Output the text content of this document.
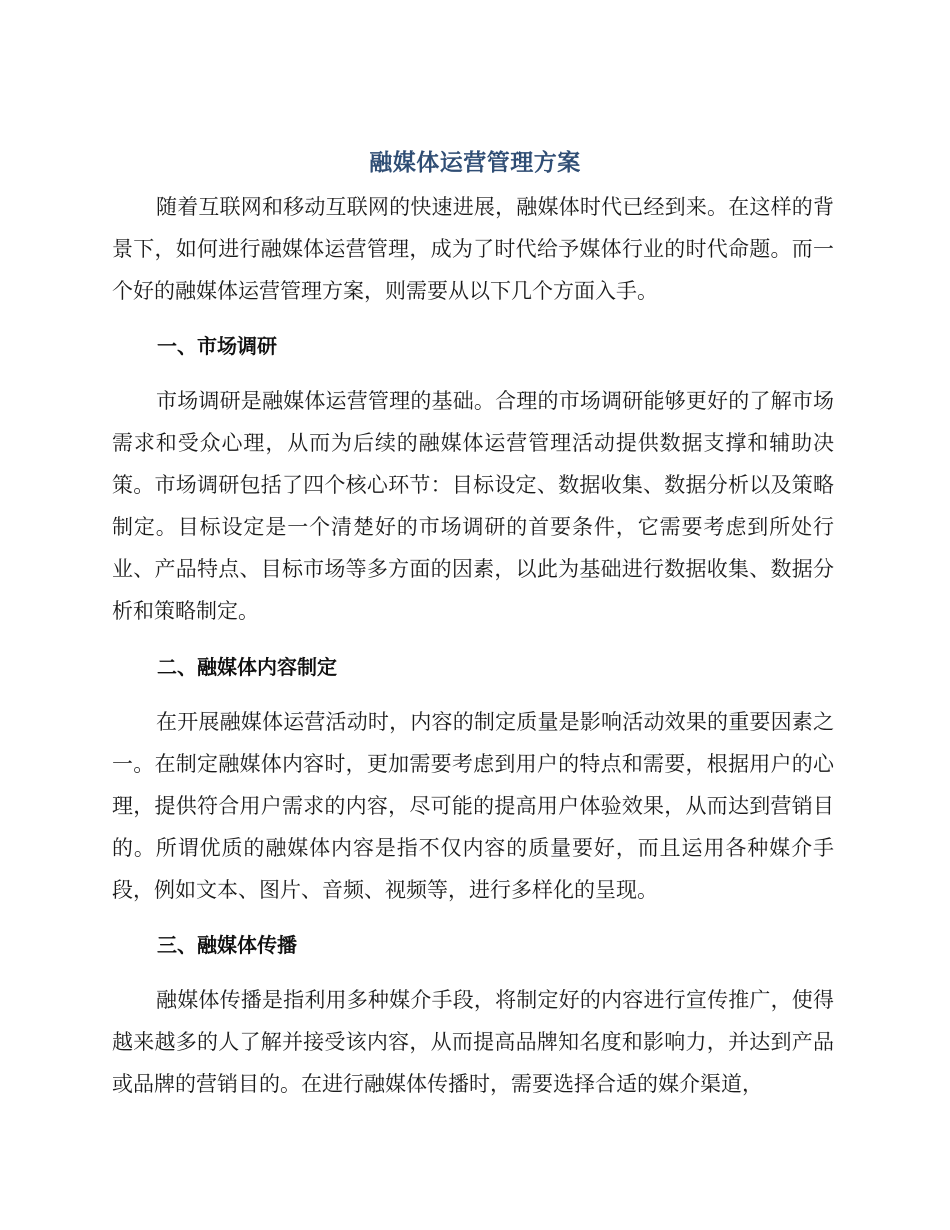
融媒体运营管理方案

随着互联网和移动互联网的快速进展，融媒体时代已经到来。在这样的背景下，如何进行融媒体运营管理，成为了时代给予媒体行业的时代命题。而一个好的融媒体运营管理方案，则需要从以下几个方面入手。

一、市场调研

市场调研是融媒体运营管理的基础。合理的市场调研能够更好的了解市场需求和受众心理，从而为后续的融媒体运营管理活动提供数据支撑和辅助决策。市场调研包括了四个核心环节：目标设定、数据收集、数据分析以及策略制定。目标设定是一个清楚好的市场调研的首要条件，它需要考虑到所处行业、产品特点、目标市场等多方面的因素，以此为基础进行数据收集、数据分析和策略制定。

二、融媒体内容制定

在开展融媒体运营活动时，内容的制定质量是影响活动效果的重要因素之一。在制定融媒体内容时，更加需要考虑到用户的特点和需要，根据用户的心理，提供符合用户需求的内容，尽可能的提高用户体验效果，从而达到营销目的。所谓优质的融媒体内容是指不仅内容的质量要好，而且运用各种媒介手段，例如文本、图片、音频、视频等，进行多样化的呈现。

三、融媒体传播

融媒体传播是指利用多种媒介手段，将制定好的内容进行宣传推广，使得越来越多的人了解并接受该内容，从而提高品牌知名度和影响力，并达到产品或品牌的营销目的。在进行融媒体传播时，需要选择合适的媒介渠道，
